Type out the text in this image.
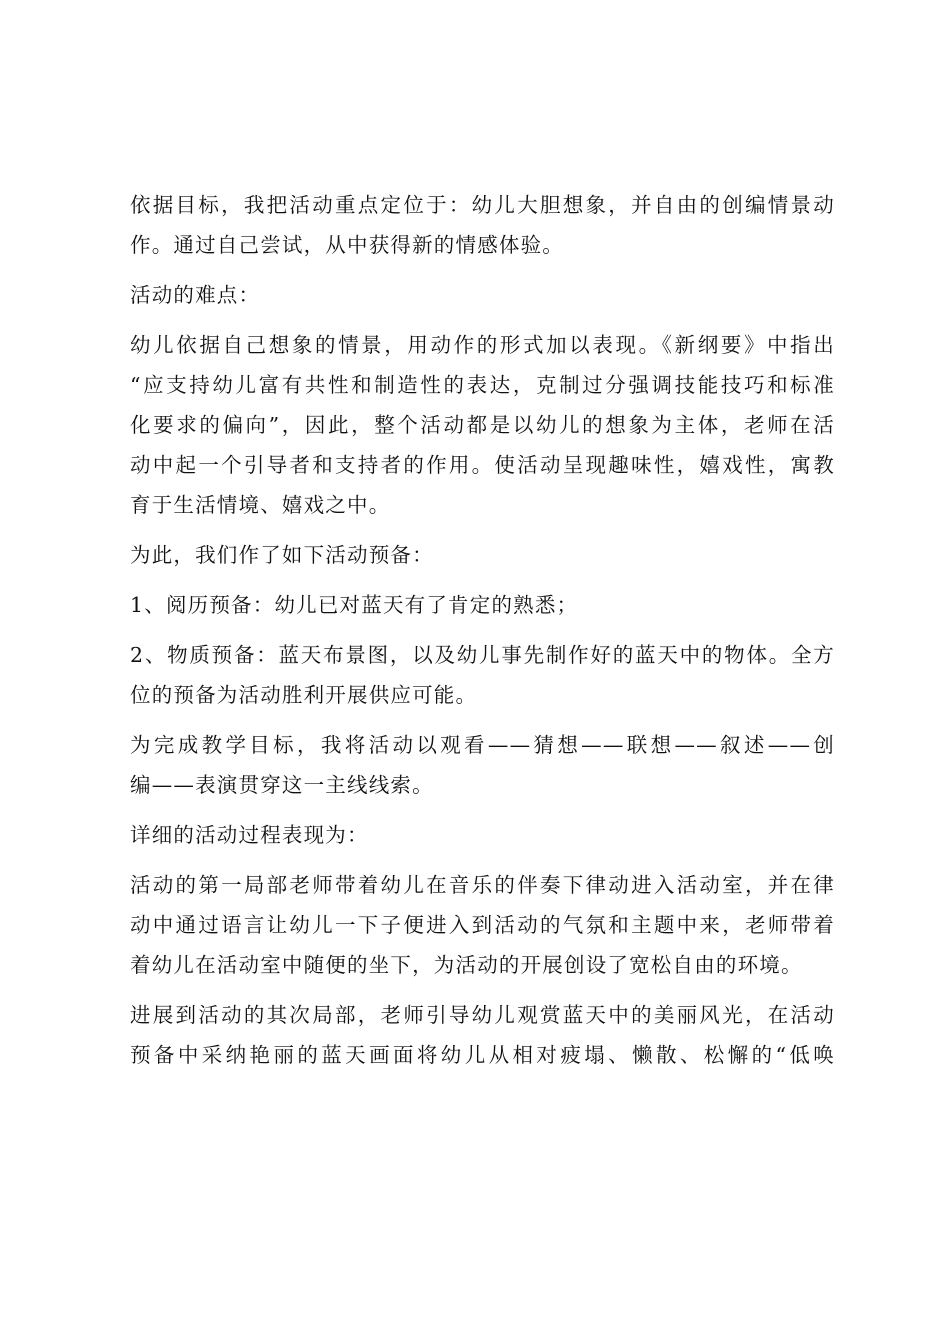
依据目标，我把活动重点定位于：幼儿大胆想象，并自由的创编情景动

作。通过自己尝试，从中获得新的情感体验。

活动的难点：

幼儿依据自己想象的情景，用动作的形式加以表现。《新纲要》中指出

“应支持幼儿富有共性和制造性的表达，克制过分强调技能技巧和标准

化要求的偏向”，因此，整个活动都是以幼儿的想象为主体，老师在活

动中起一个引导者和支持者的作用。使活动呈现趣味性，嬉戏性，寓教

育于生活情境、嬉戏之中。

为此，我们作了如下活动预备：

1、阅历预备：幼儿已对蓝天有了肯定的熟悉；

2、物质预备：蓝天布景图，以及幼儿事先制作好的蓝天中的物体。全方

位的预备为活动胜利开展供应可能。

为完成教学目标，我将活动以观看——猜想——联想——叙述——创

编——表演贯穿这一主线线索。

详细的活动过程表现为：

活动的第一局部老师带着幼儿在音乐的伴奏下律动进入活动室，并在律

动中通过语言让幼儿一下子便进入到活动的气氛和主题中来，老师带着

着幼儿在活动室中随便的坐下，为活动的开展创设了宽松自由的环境。

进展到活动的其次局部，老师引导幼儿观赏蓝天中的美丽风光，在活动

预备中采纳艳丽的蓝天画面将幼儿从相对疲塌、懒散、松懈的“低唤
